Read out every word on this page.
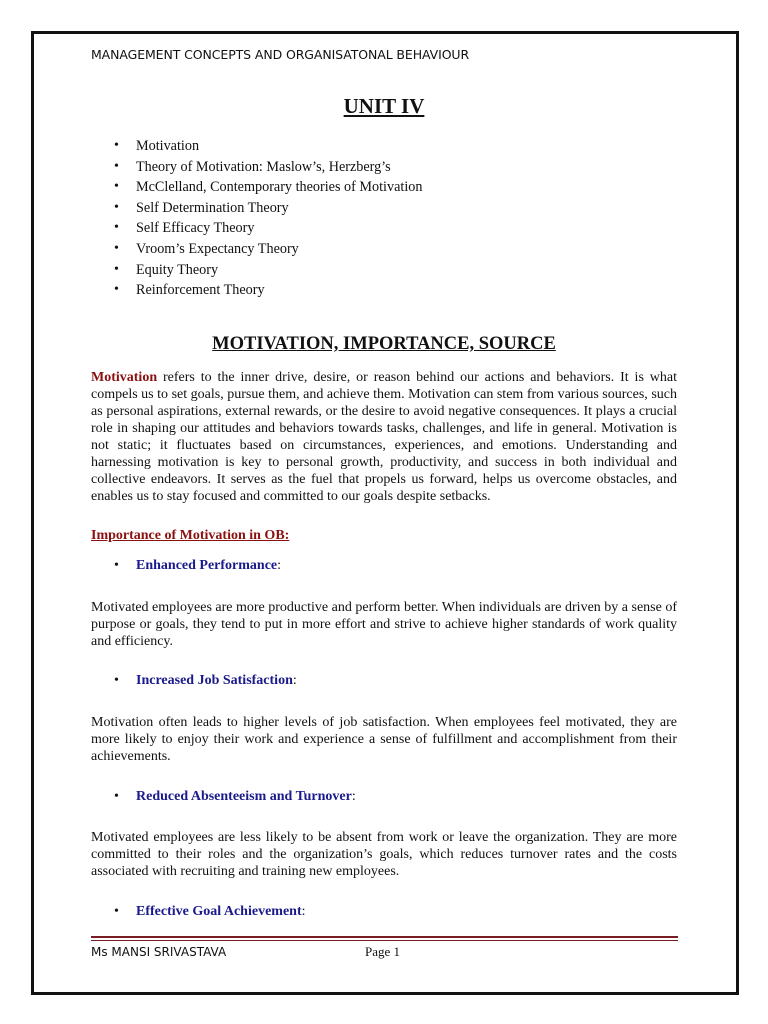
MANAGEMENT CONCEPTS AND ORGANISATONAL BEHAVIOUR
UNIT IV
• Motivation
• Theory of Motivation: Maslow’s, Herzberg’s
• McClelland, Contemporary theories of Motivation
• Self Determination Theory
• Self Efficacy Theory
• Vroom’s Expectancy Theory
• Equity Theory
• Reinforcement Theory
MOTIVATION, IMPORTANCE, SOURCE

Motivation refers to the inner drive, desire, or reason behind our actions and behaviors. It is what compels us to set goals, pursue them, and achieve them. Motivation can stem from various sources, such as personal aspirations, external rewards, or the desire to avoid negative consequences. It plays a crucial role in shaping our attitudes and behaviors towards tasks, challenges, and life in general. Motivation is not static; it fluctuates based on circumstances, experiences, and emotions. Understanding and harnessing motivation is key to personal growth, productivity, and success in both individual and collective endeavors. It serves as the fuel that propels us forward, helps us overcome obstacles, and enables us to stay focused and committed to our goals despite setbacks.

Importance of Motivation in OB:
• Enhanced Performance:

Motivated employees are more productive and perform better. When individuals are driven by a sense of purpose or goals, they tend to put in more effort and strive to achieve higher standards of work quality and efficiency.

• Increased Job Satisfaction:

Motivation often leads to higher levels of job satisfaction. When employees feel motivated, they are more likely to enjoy their work and experience a sense of fulfillment and accomplishment from their achievements.

• Reduced Absenteeism and Turnover:

Motivated employees are less likely to be absent from work or leave the organization. They are more committed to their roles and the organization’s goals, which reduces turnover rates and the costs associated with recruiting and training new employees.

• Effective Goal Achievement:
Ms MANSI SRIVASTAVA	Page 1
